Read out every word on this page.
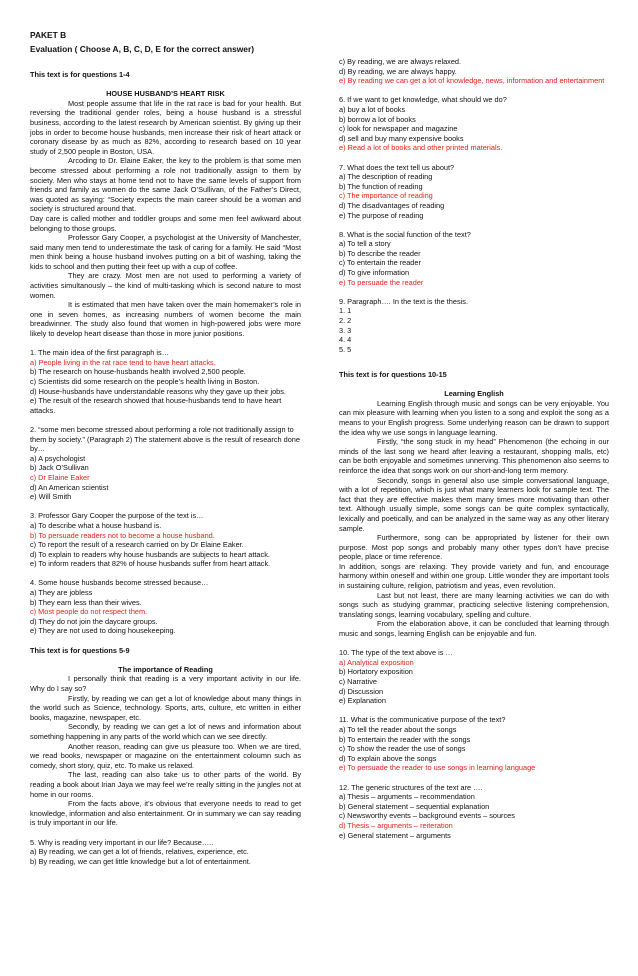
PAKET B
Evaluation ( Choose A, B, C, D, E for the correct answer)

This text is for questions 1-4

HOUSE HUSBAND’S HEART RISK

Most people assume that life in the rat race is bad for your health. But reversing the traditional gender roles, being a house husband is a stressful business, according to the latest research by American scientist. By giving up their jobs in order to become house husbands, men increase their risk of heart attack or coronary disease by as much as 82%, according to research based on 10 year study of 2,500 people in Boston, USA.

Arcoding to Dr. Elaine Eaker, the key to the problem is that some men become stressed about performing a role not traditionally assign to them by society. Men who stays at home tend not to have the same levels of support from friends and family as women do the same Jack O’Sullivan, of the Father’s Direct, was quoted as saying: “Society expects the main career should be a woman and society is structured around that.

Day care is called mother and toddler groups and some men feel awkward about belonging to those groups.

Professor Gary Cooper, a psychologist at the University of Manchester, said many men tend to underestimate the task of caring for a family. He said “Most men think being a house husband involves putting on a bit of washing, taking the kids to school and then putting their feet up with a cup of coffee.

They are crazy. Most men are not used to performing a variety of activities simultanously – the kind of multi-tasking which is second nature to most women.

It is estimated that men have taken over the main homemaker’s role in one in seven homes, as increasing numbers of women become the main breadwinner. The study also found that women in high-powered jobs were more likely to develop heart disease than those in more junior positions.

1. The main idea of the first paragraph is…

a) People living in the rat race tend to have heart attacks.

b) The research on house-husbands health involved 2,500 people.

c) Scientists did some research on the people’s health living in Boston.

d) House-husbands have understandable reasons why they gave up their jobs.

e) The result of the research showed that house-husbands tend to have heart attacks.

2. “some men become stressed about performing a role not traditionally assign to them by society.” (Paragraph 2) The statement above is the result of research done by…

a) A psychologist

b) Jack O’Sullivan

c) Dr Elaine Eaker

d) An American scientist

e) Will Smith

3. Professor Gary Cooper the purpose of the text is…

a) To describe what a house husband is.

b) To persuade readers not to become a house husband.

c) To report the result of a research carried on by Dr Elaine Eaker.

d) To explain to readers why house husbands are subjects to heart attack.

e) To inform readers that 82% of house husbands suffer from heart attack.

4. Some house husbands become stressed because…

a) They are jobless

b) They earn less than their wives.

c) Most people do not respect them.

d) They do not join the daycare groups.

e) They are not used to doing housekeeping.

This text is for questions 5-9

The importance of Reading

I personally think that reading is a very important activity in our life. Why do I say so?

Firstly, by reading we can get a lot of knowledge about many things in the world such as Science, technology. Sports, arts, culture, etc written in either books, magazine, newspaper, etc.

Secondly, by reading we can get a lot of news and information about something happening in any parts of the world which can we see directly.

Another reason, reading can give us pleasure too. When we are tired, we read books, newspaper or magazine on the entertainment coloumn such as comedy, short story, quiz, etc. To make us relaxed.

The last, reading can also take us to other parts of the world. By reading a book about Irian Jaya we may feel we’re really sitting in the jungles not at home in our rooms.

From the facts above, it’s obvious that everyone needs to read to get knowledge, information and also entertainment. Or in summary we can say reading is truly important in our life.

5. Why is reading very important in our life? Because…..

a) By reading, we can get a lot of friends, relatives, experience, etc.

b) By reading, we can get little knowledge but a lot of entertainment.

c) By reading, we are always relaxed.

d) By reading, we are always happy.

e) By reading we can get a lot of knowledge, news, information and entertainment

6. If we want to get knowledge, what should we do?

a) buy a lot of books

b) borrow a lot of books

c) look for newspaper and magazine

d) sell and buy many expensive books

e) Read a lot of books and other printed materials.

7. What does the text tell us about?

a) The description of reading

b) The function of reading

c) The importance of reading

d) The disadvantages of reading

e) The purpose of reading

8. What is the social function of the text?

a) To tell a story

b) To describe the reader

c) To entertain the reader

d) To give information

e) To persuade the reader

9. Paragraph…. In the text is the thesis.

1. 1

2. 2

3. 3

4. 4

5. 5

This text is for questions 10-15

Learning English

Learning English through music and songs can be very enjoyable. You can mix pleasure with learning when you listen to a song and exploit the song as a means to your English progress. Some underlying reason can be drawn to support the idea why we use songs in language learning.

Firstly, “the song stuck in my head” Phenomenon (the echoing in our minds of the last song we heard after leaving a restaurant, shopping malls, etc) can be both enjoyable and sometimes unnerving. This phenomenon also seems to reinforce the idea that songs work on our short-and-long term memory.

Secondly, songs in general also use simple conversational language, with a lot of repetition, which is just what many learners look for sample text. The fact that they are effective makes them many times more motivating than other text. Although usually simple, some songs can be quite complex syntactically, lexically and poetically, and can be analyzed in the same way as any other literary sample.

Furthermore, song can be appropriated by listener for their own purpose. Most pop songs and probably many other types don’t have precise people, place or time reference.

In addition, songs are relaxing. They provide variety and fun, and encourage harmony within oneself and within one group. Little wonder they are important tools in sustaining culture, religion, patriotism and yeas, even revolution.

Last but not least, there are many learning activities we can do with songs such as studying grammar, practicing selective listening comprehension, translating songs, learning vocabulary, spelling and culture.

From the elaboration above, it can be concluded that learning through music and songs, learning English can be enjoyable and fun.

10. The type of the text above is …

a) Analytical exposition

b) Hortatory exposition

c) Narrative

d) Discussion

e) Explanation

11. What is the communicative purpose of the text?

a) To tell the reader about the songs

b) To entertain the reader with the songs

c) To show the reader the use of songs

d) To explain above the songs

e) To persuade the reader to use songs in learning language

12. The generic structures of the text are ….

a) Thesis – arguments – recommendation

b) General statement – sequential explanation

c) Newsworthy events – background events – sources

d) Thesis – arguments – reiteration

e) General statement – arguments
